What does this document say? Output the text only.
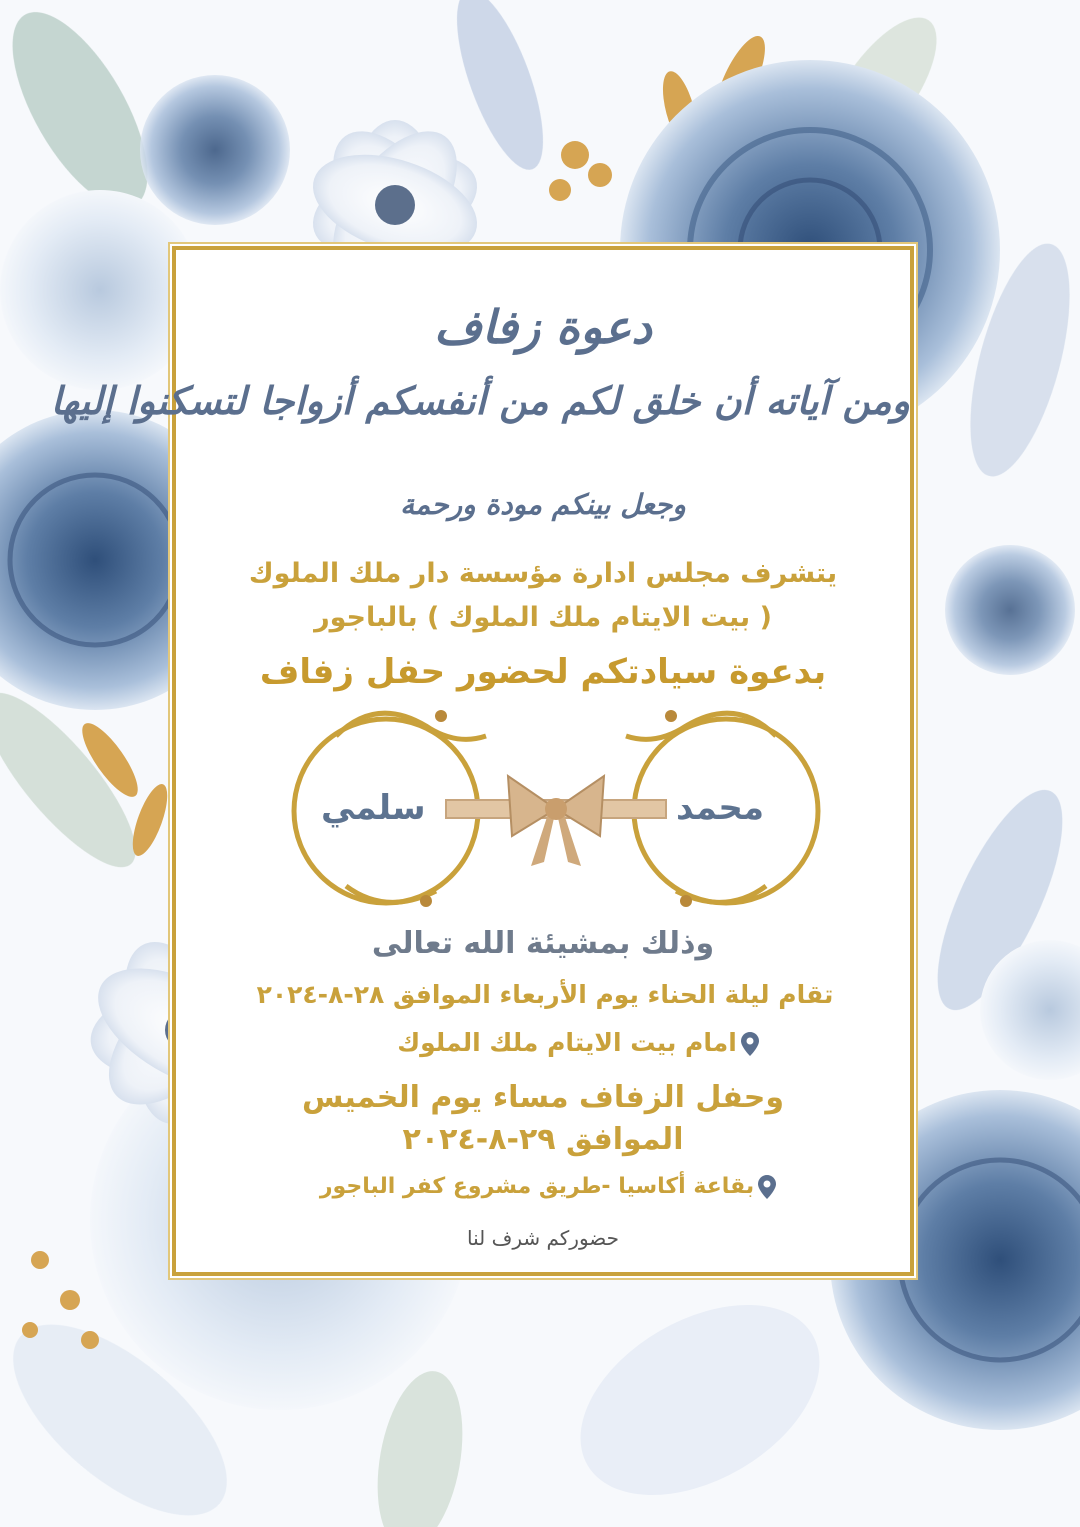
دعوة زفاف
ومن آياته أن خلق لكم من أنفسكم أزواجا لتسكنوا إليها
وجعل بينكم مودة ورحمة
يتشرف مجلس ادارة مؤسسة دار ملك الملوك
( بيت الايتام ملك الملوك ) بالباجور
بدعوة سيادتكم لحضور حفل زفاف
سلمي	محمد
وذلك بمشيئة الله تعالى
تقام ليلة الحناء يوم الأربعاء الموافق ٢٨-٨-٢٠٢٤
امام بيت الايتام ملك الملوك
وحفل الزفاف مساء يوم الخميس
الموافق ٢٩-٨-٢٠٢٤
بقاعة أكاسيا -طريق مشروع كفر الباجور
حضوركم شرف لنا
